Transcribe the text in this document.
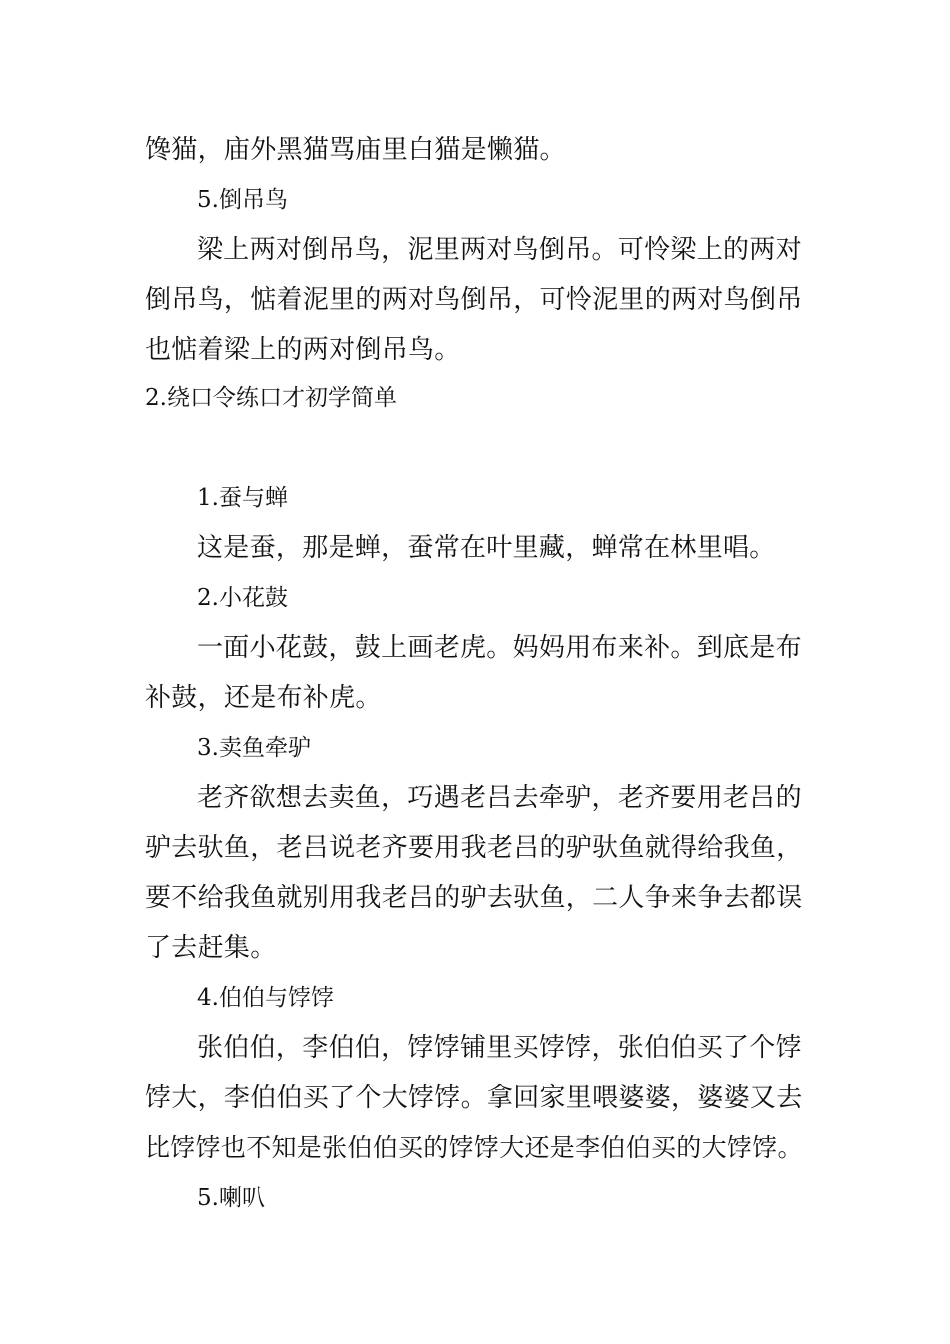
馋猫，庙外黑猫骂庙里白猫是懒猫。
5.倒吊鸟
梁上两对倒吊鸟，泥里两对鸟倒吊。可怜梁上的两对
倒吊鸟，惦着泥里的两对鸟倒吊，可怜泥里的两对鸟倒吊
也惦着梁上的两对倒吊鸟。
2.绕口令练口才初学简单
1.蚕与蝉
这是蚕，那是蝉，蚕常在叶里藏，蝉常在林里唱。
2.小花鼓
一面小花鼓，鼓上画老虎。妈妈用布来补。到底是布
补鼓，还是布补虎。
3.卖鱼牵驴
老齐欲想去卖鱼，巧遇老吕去牵驴，老齐要用老吕的
驴去驮鱼，老吕说老齐要用我老吕的驴驮鱼就得给我鱼，
要不给我鱼就别用我老吕的驴去驮鱼，二人争来争去都误
了去赶集。
4.伯伯与饽饽
张伯伯，李伯伯，饽饽铺里买饽饽，张伯伯买了个饽
饽大，李伯伯买了个大饽饽。拿回家里喂婆婆，婆婆又去
比饽饽也不知是张伯伯买的饽饽大还是李伯伯买的大饽饽。
5.喇叭
